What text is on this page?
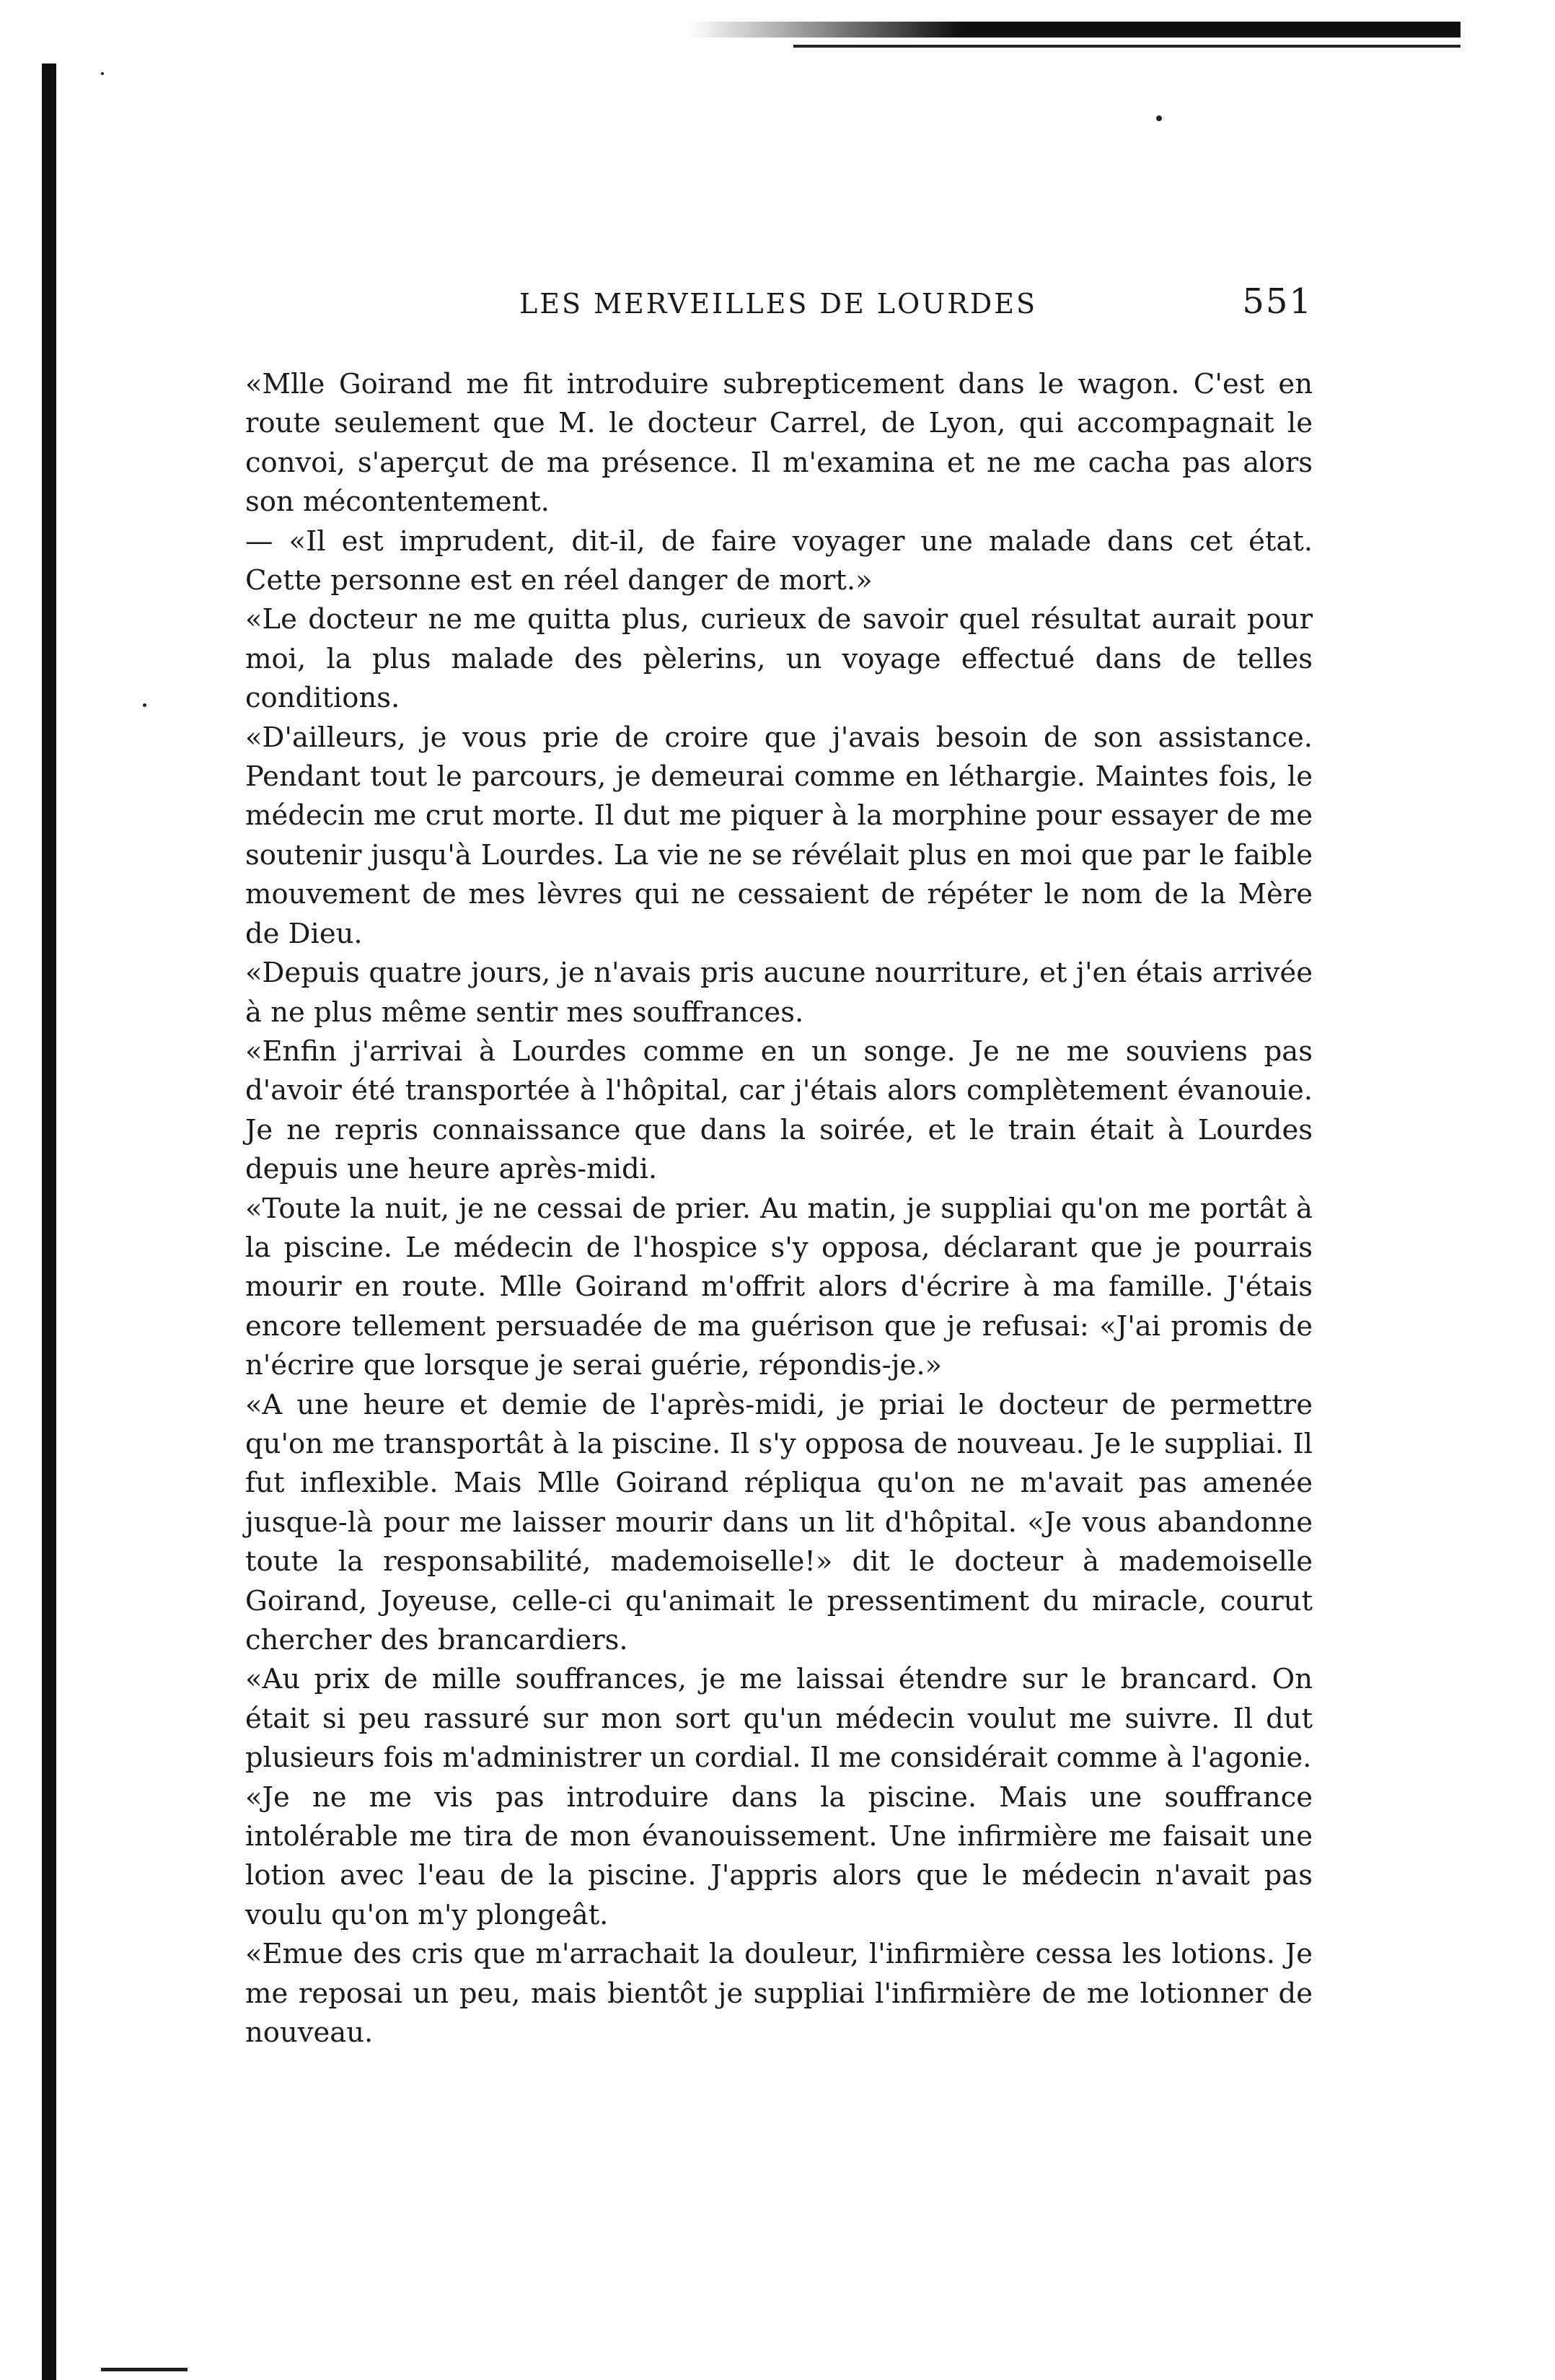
LES MERVEILLES DE LOURDES	551

«Mlle Goirand me fit introduire subrepticement dans le wagon. C'est en route seulement que M. le docteur Carrel, de Lyon, qui accompagnait le convoi, s'aperçut de ma présence. Il m'examina et ne me cacha pas alors son mécontentement.

— «Il est imprudent, dit-il, de faire voyager une malade dans cet état. Cette personne est en réel danger de mort.»

«Le docteur ne me quitta plus, curieux de savoir quel résultat aurait pour moi, la plus malade des pèlerins, un voyage effectué dans de telles conditions.

«D'ailleurs, je vous prie de croire que j'avais besoin de son assistance. Pendant tout le parcours, je demeurai comme en léthargie. Maintes fois, le médecin me crut morte. Il dut me piquer à la morphine pour essayer de me soutenir jusqu'à Lourdes. La vie ne se révélait plus en moi que par le faible mouvement de mes lèvres qui ne cessaient de répéter le nom de la Mère de Dieu.

«Depuis quatre jours, je n'avais pris aucune nourriture, et j'en étais arrivée à ne plus même sentir mes souffrances.

«Enfin j'arrivai à Lourdes comme en un songe. Je ne me souviens pas d'avoir été transportée à l'hôpital, car j'étais alors complètement évanouie. Je ne repris connaissance que dans la soirée, et le train était à Lourdes depuis une heure après-midi.

«Toute la nuit, je ne cessai de prier. Au matin, je suppliai qu'on me portât à la piscine. Le médecin de l'hospice s'y opposa, déclarant que je pourrais mourir en route. Mlle Goirand m'offrit alors d'écrire à ma famille. J'étais encore tellement persuadée de ma guérison que je refusai: «J'ai promis de n'écrire que lorsque je serai guérie, répondis-je.»

«A une heure et demie de l'après-midi, je priai le docteur de permettre qu'on me transportât à la piscine. Il s'y opposa de nouveau. Je le suppliai. Il fut inflexible. Mais Mlle Goirand répliqua qu'on ne m'avait pas amenée jusque-là pour me laisser mourir dans un lit d'hôpital. «Je vous abandonne toute la responsabilité, mademoiselle!» dit le docteur à mademoiselle Goirand, Joyeuse, celle-ci qu'animait le pressentiment du miracle, courut chercher des brancardiers.

«Au prix de mille souffrances, je me laissai étendre sur le brancard. On était si peu rassuré sur mon sort qu'un médecin voulut me suivre. Il dut plusieurs fois m'administrer un cordial. Il me considérait comme à l'agonie.

«Je ne me vis pas introduire dans la piscine. Mais une souffrance intolérable me tira de mon évanouissement. Une infirmière me faisait une lotion avec l'eau de la piscine. J'appris alors que le médecin n'avait pas voulu qu'on m'y plongeât.

«Emue des cris que m'arrachait la douleur, l'infirmière cessa les lotions. Je me reposai un peu, mais bientôt je suppliai l'infirmière de me lotionner de nouveau.
